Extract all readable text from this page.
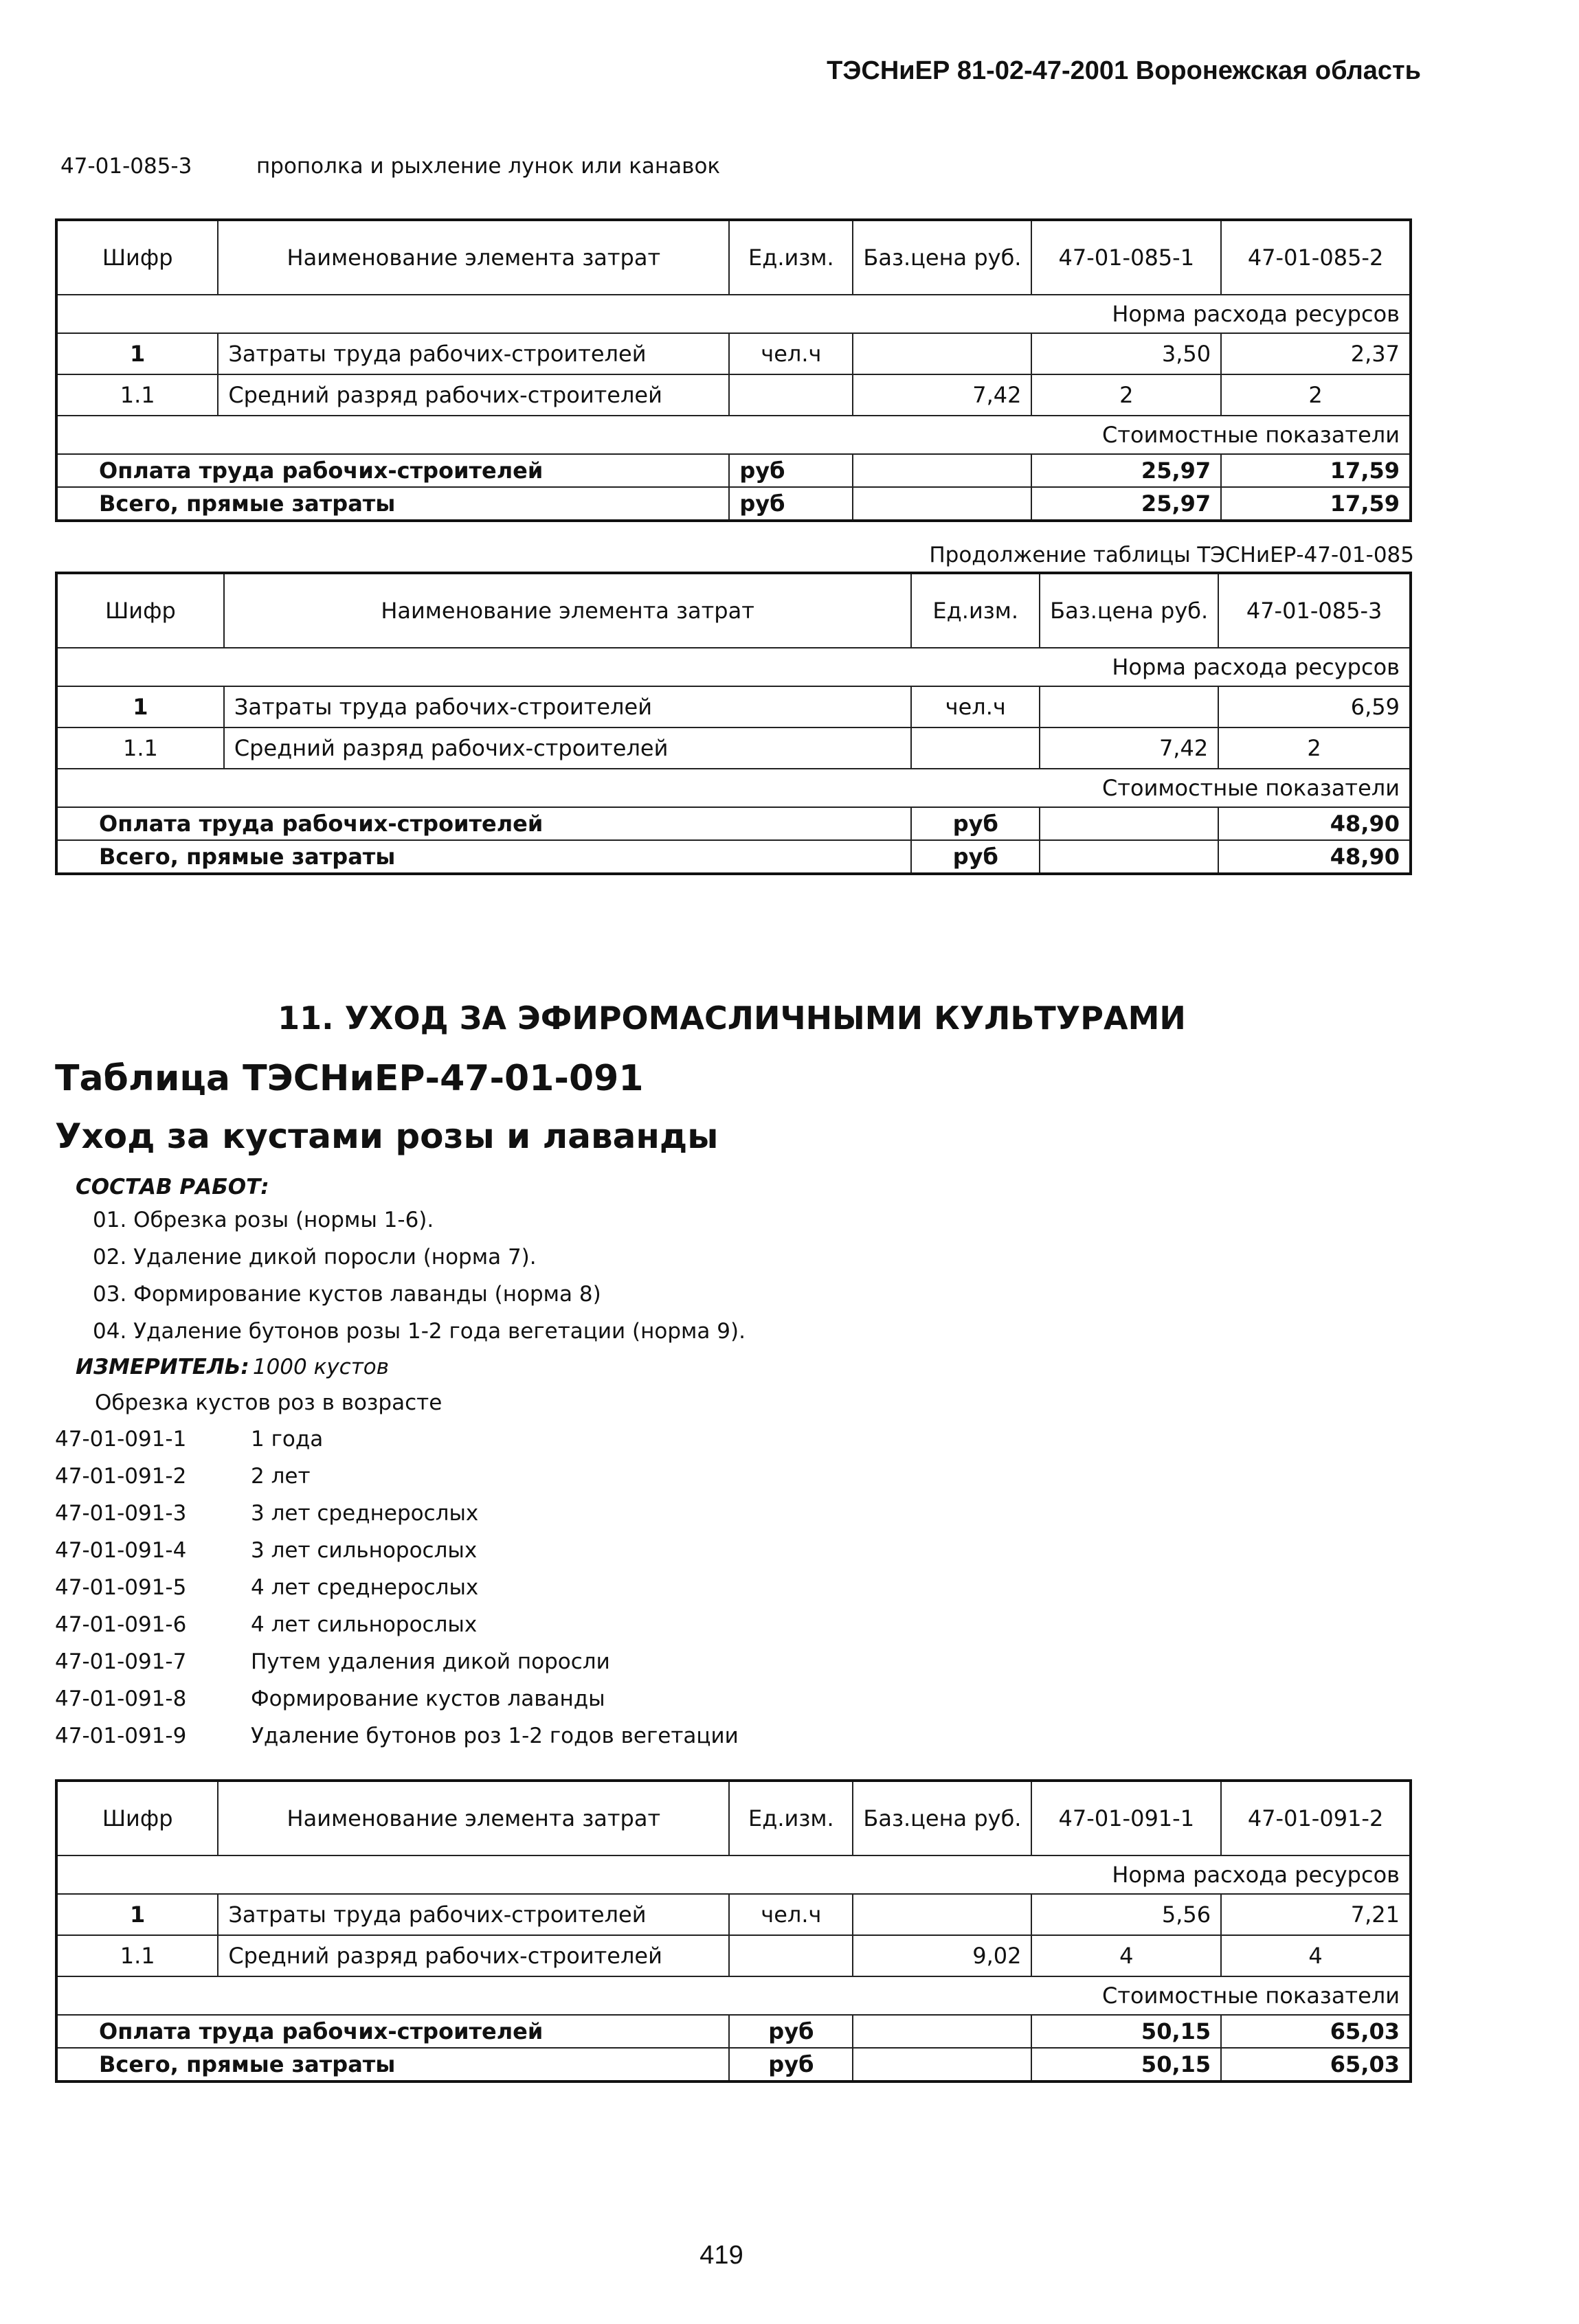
ТЭСНиЕР 81-02-47-2001 Воронежская область
47-01-085-3	прополка и рыхление лунок или канавок
Шифр	Наименование элемента затрат	Ед.изм.	Баз.цена руб.	47-01-085-1	47-01-085-2
Норма расхода ресурсов					
1	Затраты труда рабочих-строителей	чел.ч		3,50	2,37
1.1	Средний разряд рабочих-строителей		7,42	2	2
Стоимостные показатели					
Оплата труда рабочих-строителей		руб		25,97	17,59
Всего, прямые затраты		руб		25,97	17,59
Продолжение таблицы ТЭСНиЕР-47-01-085
Шифр	Наименование элемента затрат	Ед.изм.	Баз.цена руб.	47-01-085-3
Норма расхода ресурсов				
1	Затраты труда рабочих-строителей	чел.ч		6,59
1.1	Средний разряд рабочих-строителей		7,42	2
Стоимостные показатели				
Оплата труда рабочих-строителей		руб		48,90
Всего, прямые затраты		руб		48,90
11. УХОД ЗА ЭФИРОМАСЛИЧНЫМИ КУЛЬТУРАМИ
Таблица ТЭСНиЕР-47-01-091
Уход за кустами розы и лаванды
СОСТАВ РАБОТ:
01. Обрезка розы (нормы 1-6).
02. Удаление дикой поросли (норма 7).
03. Формирование кустов лаванды (норма 8)
04. Удаление бутонов розы 1-2 года вегетации (норма 9).
ИЗМЕРИТЕЛЬ: 1000 кустов
Обрезка кустов роз в возрасте
47-01-091-1	1 года
47-01-091-2	2 лет
47-01-091-3	3 лет среднерослых
47-01-091-4	3 лет сильнорослых
47-01-091-5	4 лет среднерослых
47-01-091-6	4 лет сильнорослых
47-01-091-7	Путем удаления дикой поросли
47-01-091-8	Формирование кустов лаванды
47-01-091-9	Удаление бутонов роз 1-2 годов вегетации
Шифр	Наименование элемента затрат	Ед.изм.	Баз.цена руб.	47-01-091-1	47-01-091-2
Норма расхода ресурсов					
1	Затраты труда рабочих-строителей	чел.ч		5,56	7,21
1.1	Средний разряд рабочих-строителей		9,02	4	4
Стоимостные показатели					
Оплата труда рабочих-строителей		руб		50,15	65,03
Всего, прямые затраты		руб		50,15	65,03
419
